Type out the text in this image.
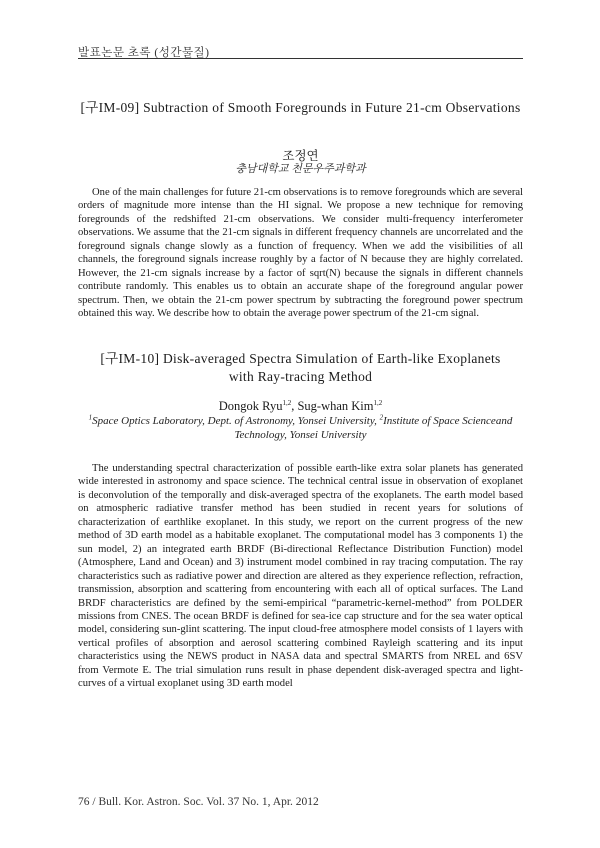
발표논문 초록 (성간물질)
[구IM-09] Subtraction of Smooth Foregrounds in Future 21-cm Observations
조정연
충남대학교 천문우주과학과

One of the main challenges for future 21-cm observations is to remove foregrounds which are several orders of magnitude more intense than the HI signal. We propose a new technique for removing foregrounds of the redshifted 21-cm observations. We consider multi-frequency interferometer observations. We assume that the 21-cm signals in different frequency channels are uncorrelated and the foreground signals change slowly as a function of frequency. When we add the visibilities of all channels, the foreground signals increase roughly by a factor of N because they are highly correlated. However, the 21-cm signals increase by a factor of sqrt(N) because the signals in different channels contribute randomly. This enables us to obtain an accurate shape of the foreground angular power spectrum. Then, we obtain the 21-cm power spectrum by subtracting the foreground power spectrum obtained this way. We describe how to obtain the average power spectrum of the 21-cm signal.

[구IM-10] Disk-averaged Spectra Simulation of Earth-like Exoplanets
with Ray-tracing Method
Dongok Ryu$^{1,2}$, Sug-whan Kim$^{1,2}$
$^1$Space Optics Laboratory, Dept. of Astronomy, Yonsei University, $^2$Institute of Space Scienceand Technology, Yonsei University

The understanding spectral characterization of possible earth-like extra solar planets has generated wide interested in astronomy and space science. The technical central issue in observation of exoplanet is deconvolution of the temporally and disk-averaged spectra of the exoplanets. The earth model based on atmospheric radiative transfer method has been studied in recent years for solutions of characterization of earthlike exoplanet. In this study, we report on the current progress of the new method of 3D earth model as a habitable exoplanet. The computational model has 3 components 1) the sun model, 2) an integrated earth BRDF (Bi-directional Reflectance Distribution Function) model (Atmosphere, Land and Ocean) and 3) instrument model combined in ray tracing computation. The ray characteristics such as radiative power and direction are altered as they experience reflection, refraction, transmission, absorption and scattering from encountering with each all of optical surfaces. The Land BRDF characteristics are defined by the semi-empirical “parametric-kernel-method” from POLDER missions from CNES. The ocean BRDF is defined for sea-ice cap structure and for the sea water optical model, considering sun-glint scattering. The input cloud-free atmosphere model consists of 1 layers with vertical profiles of absorption and aerosol scattering combined Rayleigh scattering and its input characteristics using the NEWS product in NASA data and spectral SMARTS from NREL and 6SV from Vermote E. The trial simulation runs result in phase dependent disk-averaged spectra and light-curves of a virtual exoplanet using 3D earth model

76 / Bull. Kor. Astron. Soc. Vol. 37 No. 1, Apr. 2012
